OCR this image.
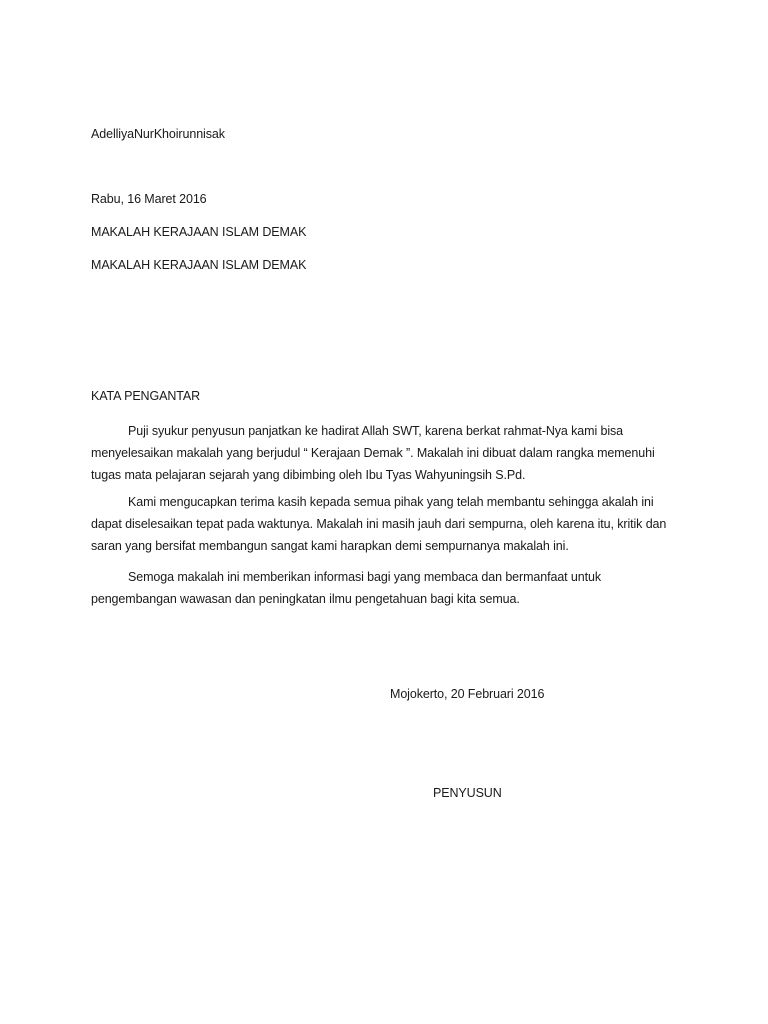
AdelliyaNurKhoirunnisak
Rabu, 16 Maret 2016
MAKALAH KERAJAAN ISLAM DEMAK
MAKALAH KERAJAAN ISLAM DEMAK
KATA PENGANTAR

Puji syukur penyusun panjatkan ke hadirat Allah SWT, karena berkat rahmat-Nya kami bisa menyelesaikan makalah yang berjudul “ Kerajaan Demak ”. Makalah ini dibuat dalam rangka memenuhi tugas mata pelajaran sejarah yang dibimbing oleh Ibu Tyas Wahyuningsih S.Pd.

Kami mengucapkan terima kasih kepada semua pihak yang telah membantu sehingga akalah ini dapat diselesaikan tepat pada waktunya. Makalah ini masih jauh dari sempurna, oleh karena itu, kritik dan saran yang bersifat membangun sangat kami harapkan demi sempurnanya makalah ini.

Semoga makalah ini memberikan informasi bagi yang membaca dan bermanfaat untuk pengembangan wawasan dan peningkatan ilmu pengetahuan bagi kita semua.

Mojokerto, 20 Februari 2016
PENYUSUN
